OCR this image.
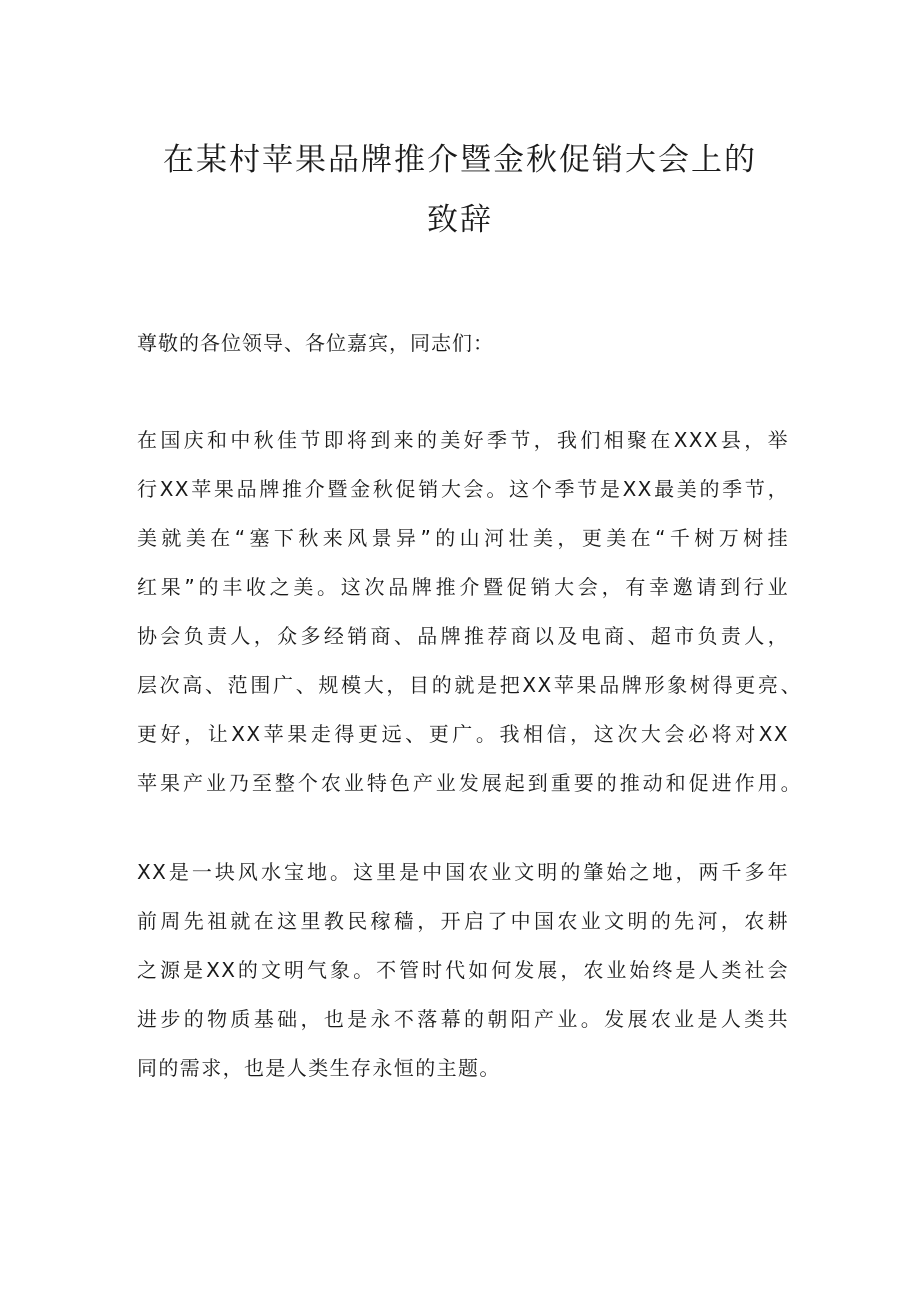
在某村苹果品牌推介暨金秋促销大会上的
致辞
尊敬的各位领导、各位嘉宾，同志们：
在国庆和中秋佳节即将到来的美好季节，我们相聚在XXX县，举
行XX苹果品牌推介暨金秋促销大会。这个季节是XX最美的季节，
美就美在“塞下秋来风景异”的山河壮美，更美在“千树万树挂
红果”的丰收之美。这次品牌推介暨促销大会，有幸邀请到行业
协会负责人，众多经销商、品牌推荐商以及电商、超市负责人，
层次高、范围广、规模大，目的就是把XX苹果品牌形象树得更亮、
更好，让XX苹果走得更远、更广。我相信，这次大会必将对XX
苹果产业乃至整个农业特色产业发展起到重要的推动和促进作用。
XX是一块风水宝地。这里是中国农业文明的肇始之地，两千多年
前周先祖就在这里教民稼穑，开启了中国农业文明的先河，农耕
之源是XX的文明气象。不管时代如何发展，农业始终是人类社会
进步的物质基础，也是永不落幕的朝阳产业。发展农业是人类共
同的需求，也是人类生存永恒的主题。
